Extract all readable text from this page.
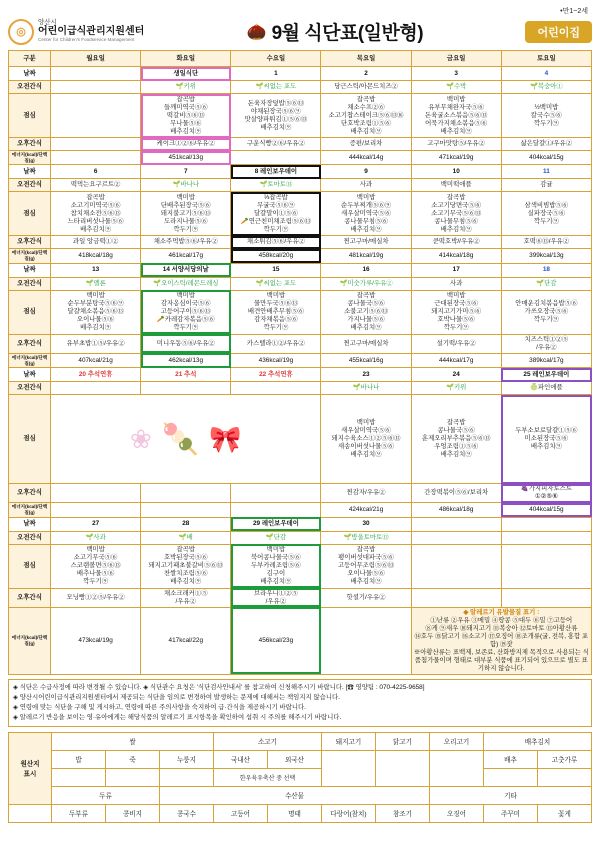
•만1~2세
◎
양산시
어린이급식관리지원센터
Center for Children's Foodservice Management	🌰 9월 식단표(일반형)	어린이집
구분	월요일	화요일	수요일	목요일	금요일	토요일
날짜		생일식단	1	2	3	4
오전간식		🌱키위	🌱씨없는 포도	당근스틱/아몬드치즈②	🌱수박	🌱복숭아①
점심		잡곡밥
들깨미역국⑤⑥
떡갈비⑤⑥⑬
무나물⑤⑥
배추김치⑨	돈육자장덮밥⑤⑥⑬
야채된장국⑤⑥⑨
맛살양파튀김①⑤⑥⑬
배추김치⑨	잡곡밥
채소수프②⑥
소고기찹스테이크⑤⑥⑬⑯
단호박조림①⑤⑥
배추김치⑨	백미밥
유부무채완자국⑤⑥
돈육굴소스볶음⑤⑥⑬
어묵가지채소볶음⑤⑥
배추김치⑨	½백미밥
칼국수⑤⑥
깍두기⑨
오후간식		케이크①②⑥/우유②	구운식빵②⑥/우유②	증편/보리차	고구마맛탕⑤/우유②	삶은달걀①/우유②
에너지(kcal)/단백질(g)		451kcal/13g		444kcal/14g	471kcal/19g	404kcal/15g
날짜	6	7	8 레인보우데이	9	10	11
오전간식	떡먹는요구르트②	🌱바나나	🌱토마토⑬	사과	백미떡애플	감귤
점심	잡곡밥
소고기미역국⑤⑥
참치채소전⑤⑥⑬
느타리버섯나물⑤⑥
배추김치⑨	백미밥
단배추된장국⑤⑥
돼지불고기⑤⑥⑬
도라지나물⑤⑥
깍두기⑨	⅓잡곡밥
무굴국⑤⑥⑨
달걀말이①⑤⑥
🥕연근친미채조림⑤⑥⑬
깍두기⑨	백미밥
순두부찌개⑤⑥⑨
새우살미역국⑤⑥
콩나물무침⑤⑥
배추김치⑨	잡곡밥
소고기당면국⑤⑥
소고기무국⑤⑥⑬
콩나물무침⑤⑥
배추김치⑨	삼색비빔밥⑤⑥
실파장국⑤⑥
깍두기⑨
오후간식	과일 앙금떡①②	채소주먹밥⑤⑥/우유②	채소튀김⑤⑥/우유②	찐고구마/매실차	쿤떡호박//우유②	호떡⑥⑬/우유②
에너지(kcal)/단백질(g)	418kcal/18g	461kcal/17g	458kcal/20g	481kcal/19g	414kcal/18g	399kcal/13g
날짜	13	14 서양서당의날	15	16	17	18
오전간식	🌱멜론	🌱오이스틱/레몬드레싱	🌱씨없는 포도	🌱미숫가루/우유②	사과	🌱단감
점심	백미밥
순두부분탕국⑤⑥⑨
달걀채소볶음⑤⑥⑬
오이나물⑤⑥
배추김치⑨	백미밥
감자옹심이국⑤⑥
고등어구이⑤⑥⑬
🥕카레감자볶음⑤⑥
깍두기⑨	백미밥
물만두국⑤⑥⑬
배견안배추무침⑤⑥
감자채볶음⑤⑥
깍두기⑨	잡곡밥
콩나물국⑤⑥
소불고기⑤⑥⑬
가지나물⑤⑥
배추김치⑨	백미밥
근대된장국⑤⑥
돼지고기가미⑤⑥
호박나물⑤⑥
깍두기⑨	안매운김치볶음밥⑤⑥
가쓰오장국⑤⑥
깍두기⑨
오후간식	유부초밥①⑤/우유②	미니우동⑤⑥/우유②	카스텔라①②/우유②	찐고구마/매실차	설기떡/우유②	치즈스틱①②⑤
/우유②
에너지(kcal)/단백질(g)	407kcal/21g	462kcal/13g	436kcal/19g	455kcal/16g	444kcal/17g	389kcal/17g
날짜	20 추석연휴	21 추석	22 추석연휴	23	24	25 레인보우데이
오전간식				🌱바나나	🌱키위	🍈파인애플
점심	❀ 🍡 🎀			백미밥
새우살미역국⑤⑥
돼지수육소스①②⑤⑥⑬
새송이버섯나물⑤⑥
배추김치⑨	잡곡밥
콩나물국⑤⑥
훈제오리부추볶음⑤⑥⑬
우엉조림①⑤⑥
배추김치⑨	두부소보로달걀①⑤⑥
미소된장국⑤⑥
배추김치⑨
오후간식				찐감자/우유②	간장떡볶이⑤⑥/보리차	🍇가지피자토스트
①②⑤⑥
에너지(kcal)/단백질(g)				424kcal/21g	486kcal/18g	404kcal/15g
날짜	27	28	29 레인보우데이	30		
오전간식	🌱사과	🌱배	🌱단감	🌱방울토마토⑬		
점심	백미밥
소고기무국⑤⑥
스코랜볼면⑤⑥⑬
배추나물⑤⑥
깍두기⑨	잡곡밥
호박된장국⑤⑥
돼지고기패초불갈비⑤⑥⑬
찬쌀치조림⑤⑥
배추김치⑨	백미밥
북어콩나물국⑤⑥
두부카레조림⑤⑥
김구이
배추김치⑨	잡곡밥
팽이버섯대파국⑤⑥
고등어무조림⑤⑥⑬
오이나물⑤⑥
배추김치⑨		
오후간식	모닝빵①②⑤/우유②	채소크래커①⑤
/우유②	브라우니①②⑤
/우유②	핫셜기/우유②		
에너지(kcal)/단백질(g)	473kcal/19g	417kcal/22g	456kcal/23g		◈ 알레르기 유발물질 표기 :
①난류 ②우유 ③메밀 ④땅콩 ⑤대두 ⑥밀 ⑦고등어
⑧게 ⑨새우 ⑩돼지고기 ⑪복숭아 ⑫토마토 ⑬아황산류
⑭호두 ⑮닭고기 ⑯소고기 ⑰오징어 ⑱조개류(굴, 전복, 홍합 포함) ⑲잣
※아황산류는 표백제, 보존료, 산화방지제 목적으로 사용되는 식품첨가물이며 형태로 대부분 식품에 표기되어 있으므로 별도 표기하지 않습니다.	
◈ 식단은 수급사정에 따라 변경될 수 있습니다. ◈ 식단관수 요청은 '식단검사안내서' 를 참고하여 신청해주시기 바랍니다. [☎ 영양팀 : 070-4225-9658]
◈ 양산시어린이급식관리지원센터에서 제공되는 식단을 임의로 변경하여 발생하는 문제에 대해서는 책임지지 않습니다.
◈ 연령에 맞는 식단을 구해 및 게시하고, 연령에 따른 주의사항을 숙지하여 급·간식을 제공하시기 바랍니다.
◈ 알레르기 반응을 보이는 영·유아에게는 해당식품의 알레르기 표시항목을 확인하여 섭취 시 주의를 해주시기 바랍니다.
원산지
표시	쌀			소고기		돼지고기	닭고기	오리고기	배추김치	
	밥	죽	누룽지	국내산	외국산				배추	고춧가루
				한우육우축산 중 선택						
	두류		수산물					기타		
	두부류	콩비지	콩국수	고등어	명태	다랑어(참치)	참조기	오징어	주꾸미	꽃게
